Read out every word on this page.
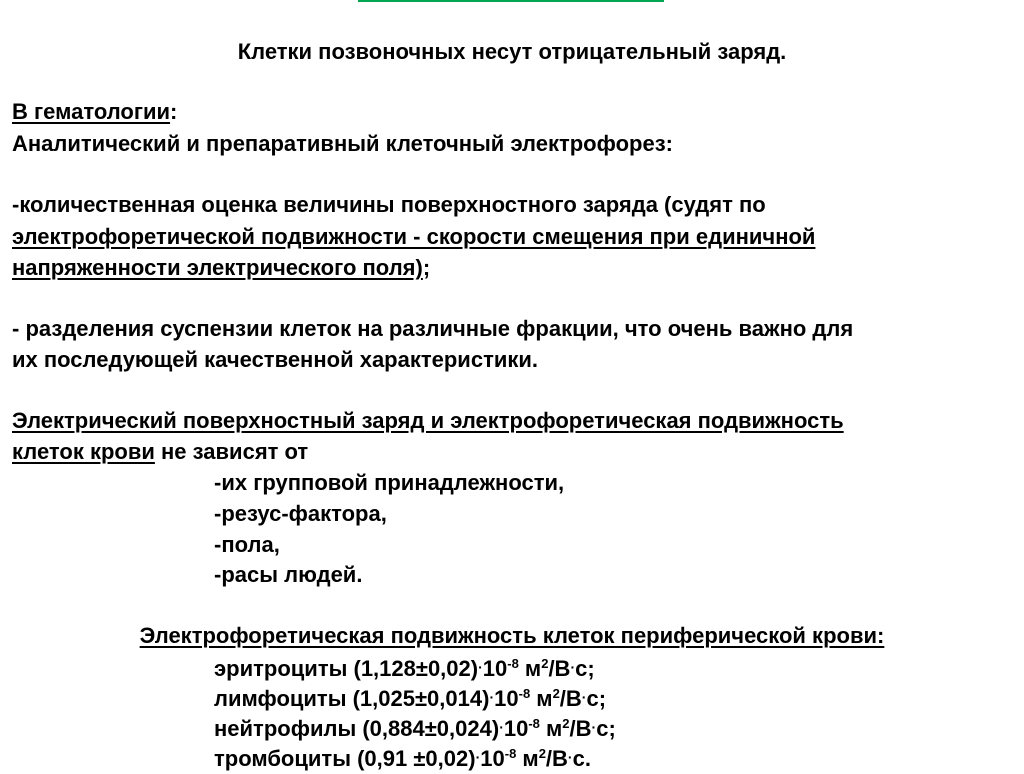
Клетки позвоночных несут отрицательный заряд.
В гематологии:
Аналитический и препаративный клеточный электрофорез:
-количественная оценка величины поверхностного заряда (судят по
электрофоретической подвижности - скорости смещения при единичной
напряженности электрического поля);
- разделения суспензии клеток на различные фракции, что очень важно для
их последующей качественной характеристики.
Электрический поверхностный заряд и электрофоретическая подвижность
клеток крови не зависят от
-их групповой принадлежности,
-резус-фактора,
-пола,
-расы людей.
Электрофоретическая подвижность клеток периферической крови:
эритроциты $(1,128\pm 0,02)\cdot 10^{-8}$ $м^2/В\cdot с$;
лимфоциты $(1,025\pm 0,014)\cdot 10^{-8}$ $м^2/В\cdot с$;
нейтрофилы $(0,884\pm 0,024)\cdot 10^{-8}$ $м^2/В\cdot с$;
тромбоциты $(0,91 \pm 0,02)\cdot 10^{-8}$ $м^2/В\cdot с$.
